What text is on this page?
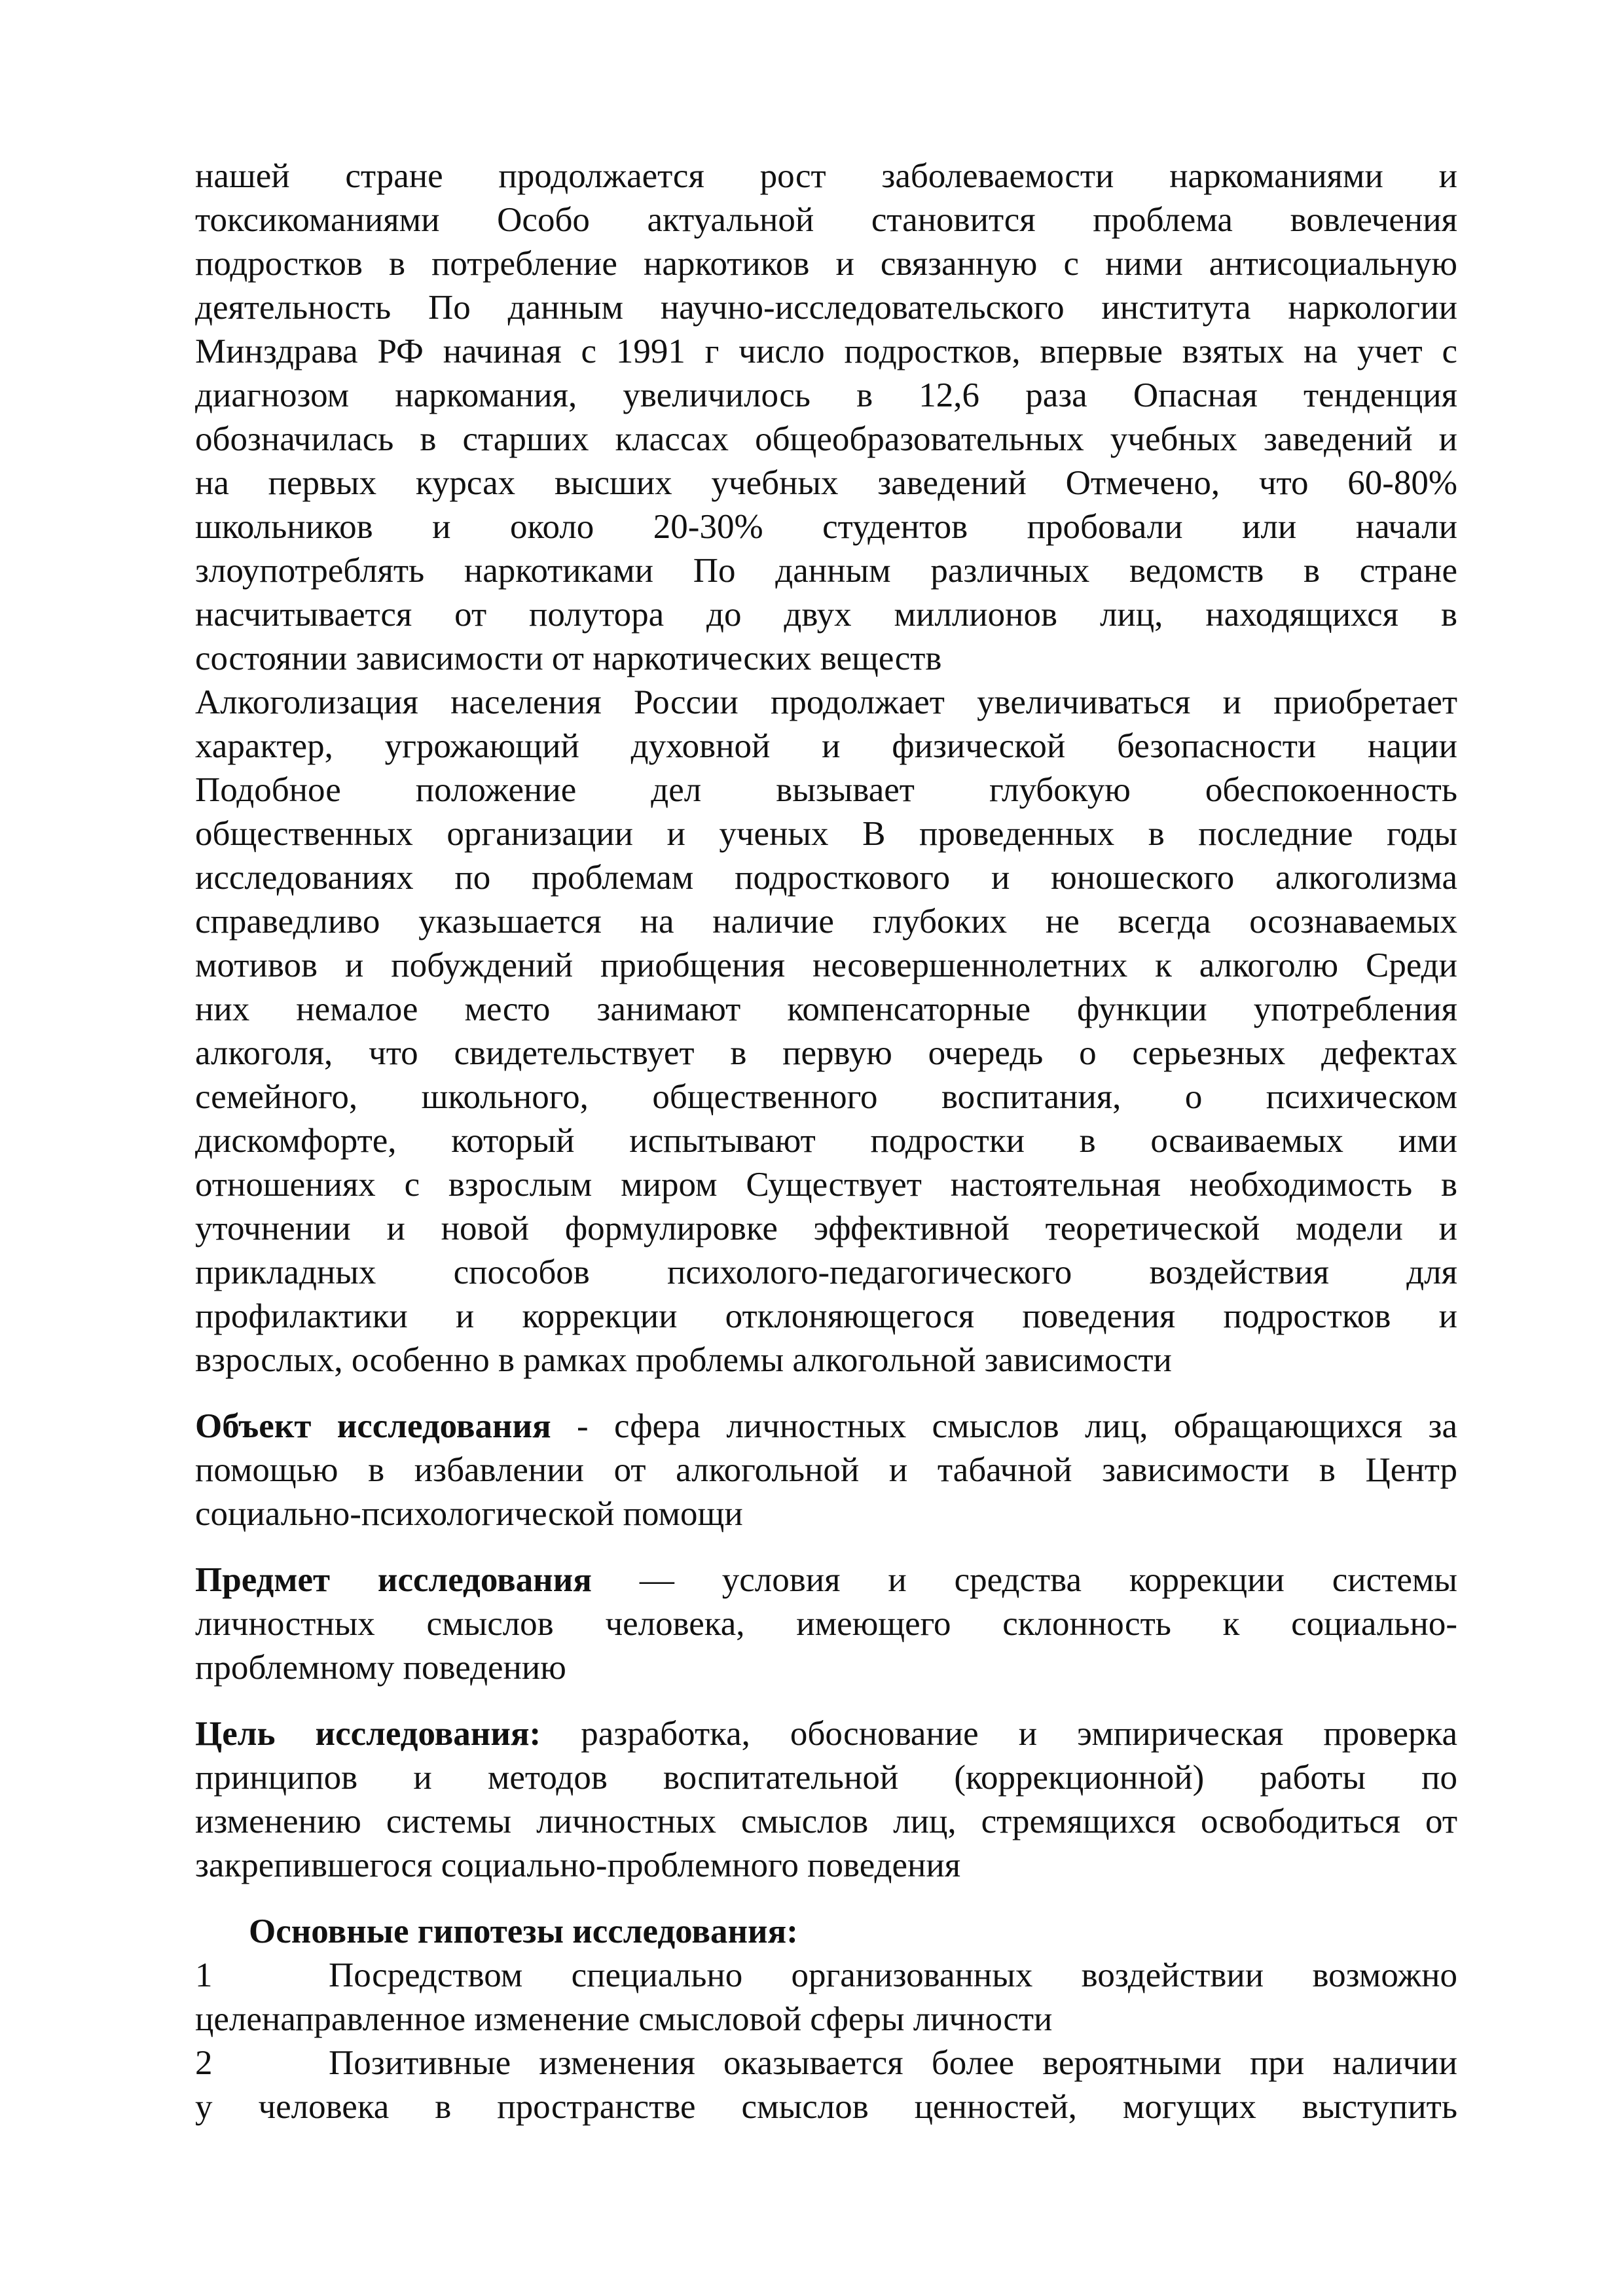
нашей стране продолжается рост заболеваемости наркоманиями и
токсикоманиями Особо актуальной становится проблема вовлечения
подростков в потребление наркотиков и связанную с ними антисоциальную
деятельность По данным научно-исследовательского института наркологии
Минздрава РФ начиная с 1991 г число подростков, впервые взятых на учет с
диагнозом наркомания, увеличилось в 12,6 раза Опасная тенденция
обозначилась в старших классах общеобразовательных учебных заведений и
на первых курсах высших учебных заведений Отмечено, что 60-80%
школьников и около 20-30% студентов пробовали или начали
злоупотреблять наркотиками По данным различных ведомств в стране
насчитывается от полутора до двух миллионов лиц, находящихся в
состоянии зависимости от наркотических веществ
Алкоголизация населения России продолжает увеличиваться и приобретает
характер, угрожающий духовной и физической безопасности нации
Подобное положение дел вызывает глубокую обеспокоенность
общественных организации и ученых В проведенных в последние годы
исследованиях по проблемам подросткового и юношеского алкоголизма
справедливо указьшается на наличие глубоких не всегда осознаваемых
мотивов и побуждений приобщения несовершеннолетних к алкоголю Среди
них немалое место занимают компенсаторные функции употребления
алкоголя, что свидетельствует в первую очередь о серьезных дефектах
семейного, школьного, общественного воспитания, о психическом
дискомфорте, который испытывают подростки в осваиваемых ими
отношениях с взрослым миром Существует настоятельная необходимость в
уточнении и новой формулировке эффективной теоретической модели и
прикладных способов психолого-педагогического воздействия для
профилактики и коррекции отклоняющегося поведения подростков и
взрослых, особенно в рамках проблемы алкогольной зависимости
Объект исследования - сфера личностных смыслов лиц, обращающихся за
помощью в избавлении от алкогольной и табачной зависимости в Центр
социально-психологической помощи
Предмет исследования — условия и средства коррекции системы
личностных смыслов человека, имеющего склонность к социально-
проблемному поведению
Цель исследования: разработка, обоснование и эмпирическая проверка
принципов и методов воспитательной (коррекционной) работы по
изменению системы личностных смыслов лиц, стремящихся освободиться от
закрепившегося социально-проблемного поведения
Основные гипотезы исследования:
1	Посредством специально организованных воздействии возможно
целенаправленное изменение смысловой сферы личности
2	Позитивные изменения оказывается более вероятными при наличии
у человека в пространстве смыслов ценностей, могущих выступить
